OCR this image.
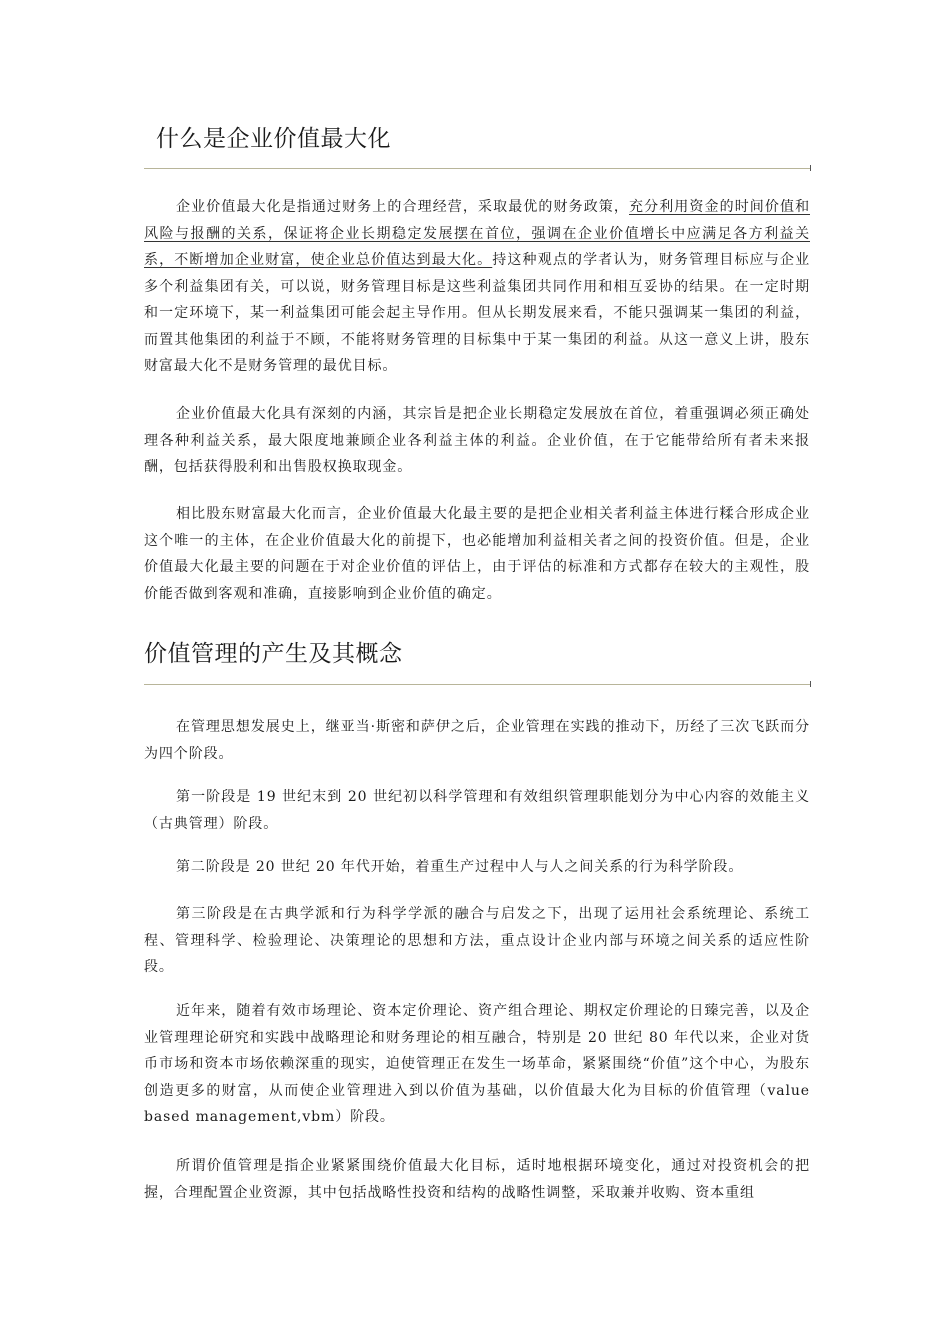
什么是企业价值最大化

企业价值最大化是指通过财务上的合理经营，采取最优的财务政策，充分利用资金的时间价值和风险与报酬的关系，保证将企业长期稳定发展摆在首位，强调在企业价值增长中应满足各方利益关系，不断增加企业财富，使企业总价值达到最大化。持这种观点的学者认为，财务管理目标应与企业多个利益集团有关，可以说，财务管理目标是这些利益集团共同作用和相互妥协的结果。在一定时期和一定环境下，某一利益集团可能会起主导作用。但从长期发展来看，不能只强调某一集团的利益，而置其他集团的利益于不顾，不能将财务管理的目标集中于某一集团的利益。从这一意义上讲，股东财富最大化不是财务管理的最优目标。

企业价值最大化具有深刻的内涵，其宗旨是把企业长期稳定发展放在首位，着重强调必须正确处理各种利益关系，最大限度地兼顾企业各利益主体的利益。企业价值，在于它能带给所有者未来报酬，包括获得股利和出售股权换取现金。

相比股东财富最大化而言，企业价值最大化最主要的是把企业相关者利益主体进行糅合形成企业这个唯一的主体，在企业价值最大化的前提下，也必能增加利益相关者之间的投资价值。但是，企业价值最大化最主要的问题在于对企业价值的评估上，由于评估的标准和方式都存在较大的主观性，股价能否做到客观和准确，直接影响到企业价值的确定。

价值管理的产生及其概念

在管理思想发展史上，继亚当·斯密和萨伊之后，企业管理在实践的推动下，历经了三次飞跃而分为四个阶段。

第一阶段是 19 世纪末到 20 世纪初以科学管理和有效组织管理职能划分为中心内容的效能主义（古典管理）阶段。

第二阶段是 20 世纪 20 年代开始，着重生产过程中人与人之间关系的行为科学阶段。

第三阶段是在古典学派和行为科学学派的融合与启发之下，出现了运用社会系统理论、系统工程、管理科学、检验理论、决策理论的思想和方法，重点设计企业内部与环境之间关系的适应性阶段。

近年来，随着有效市场理论、资本定价理论、资产组合理论、期权定价理论的日臻完善，以及企业管理理论研究和实践中战略理论和财务理论的相互融合，特别是 20 世纪 80 年代以来，企业对货币市场和资本市场依赖深重的现实，迫使管理正在发生一场革命，紧紧围绕“价值”这个中心，为股东创造更多的财富，从而使企业管理进入到以价值为基础，以价值最大化为目标的价值管理（value based management,vbm）阶段。

所谓价值管理是指企业紧紧围绕价值最大化目标，适时地根据环境变化，通过对投资机会的把握，合理配置企业资源，其中包括战略性投资和结构的战略性调整，采取兼并收购、资本重组
